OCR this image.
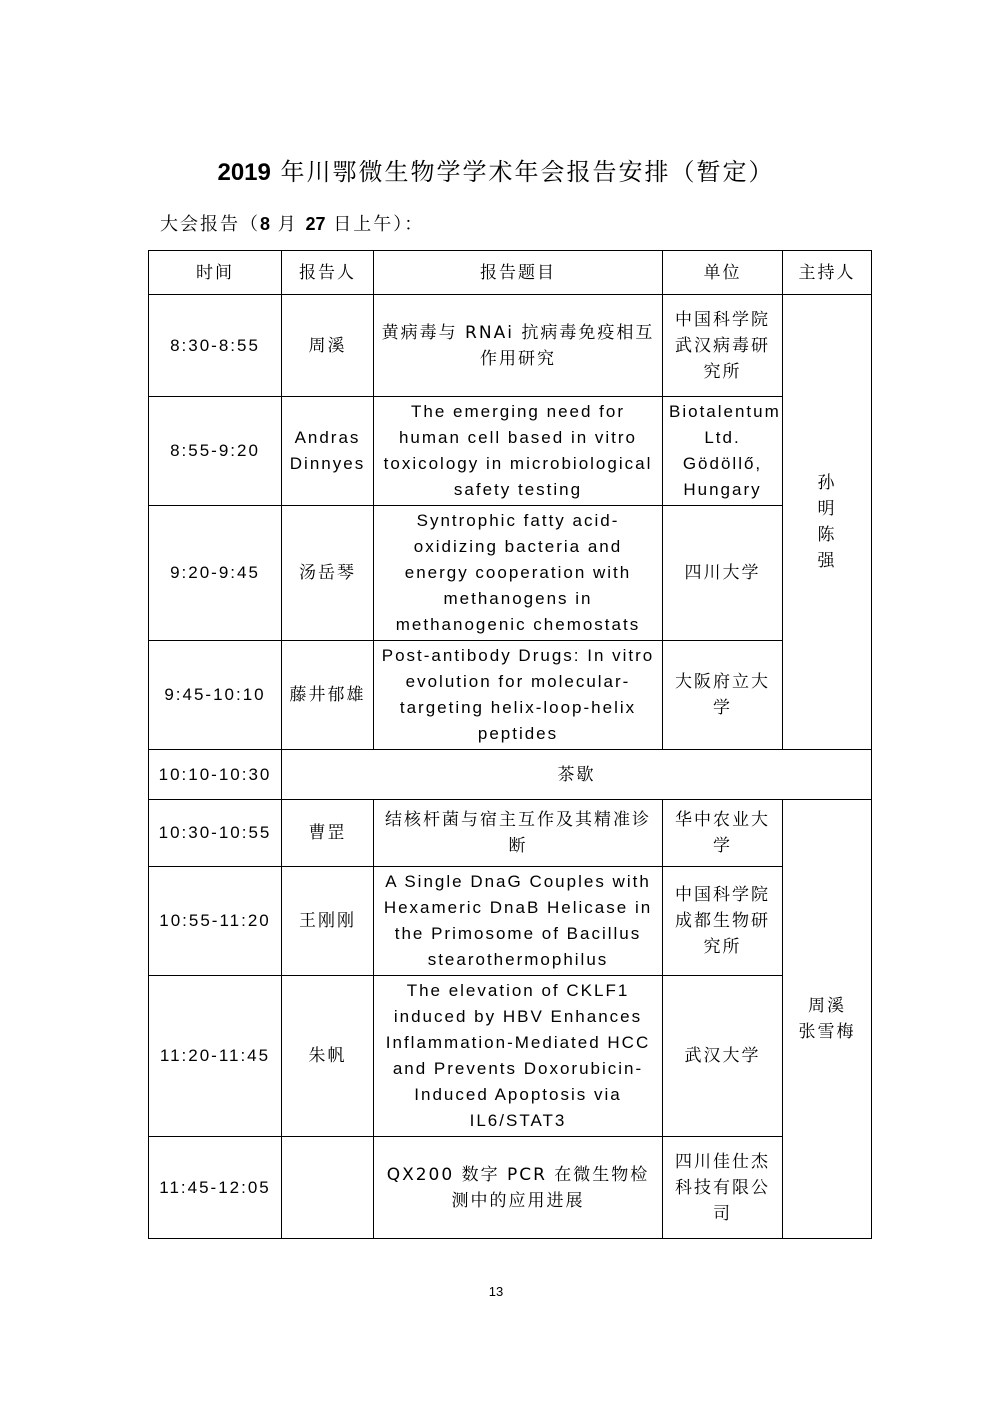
2019 年川鄂微生物学学术年会报告安排（暂定）
大会报告（8 月 27 日上午）：
时间	报告人	报告题目	单位	主持人
8:30-8:55	周溪	黄病毒与 RNAi 抗病毒免疫相互作用研究	中国科学院武汉病毒研究所	孙明 陈强
8:55-9:20	Andras Dinnyes	The emerging need for human cell based in vitro toxicology in microbiological safety testing	Biotalentum Ltd. Gödöllő, Hungary	
9:20-9:45	汤岳琴	Syntrophic fatty acid-oxidizing bacteria and energy cooperation with methanogens in methanogenic chemostats	四川大学	
9:45-10:10	藤井郁雄	Post-antibody Drugs: In vitro evolution for molecular-targeting helix-loop-helix peptides	大阪府立大学	
10:10-10:30	茶歇			
10:30-10:55	曹罡	结核杆菌与宿主互作及其精准诊断	华中农业大学	周溪 张雪梅
10:55-11:20	王刚刚	A Single DnaG Couples with Hexameric DnaB Helicase in the Primosome of Bacillus stearothermophilus	中国科学院成都生物研究所	
11:20-11:45	朱帆	The elevation of CKLF1 induced by HBV Enhances Inflammation-Mediated HCC and Prevents Doxorubicin-Induced Apoptosis via IL6/STAT3	武汉大学	
11:45-12:05		QX200 数字 PCR 在微生物检测中的应用进展	四川佳仕杰科技有限公司	
13
